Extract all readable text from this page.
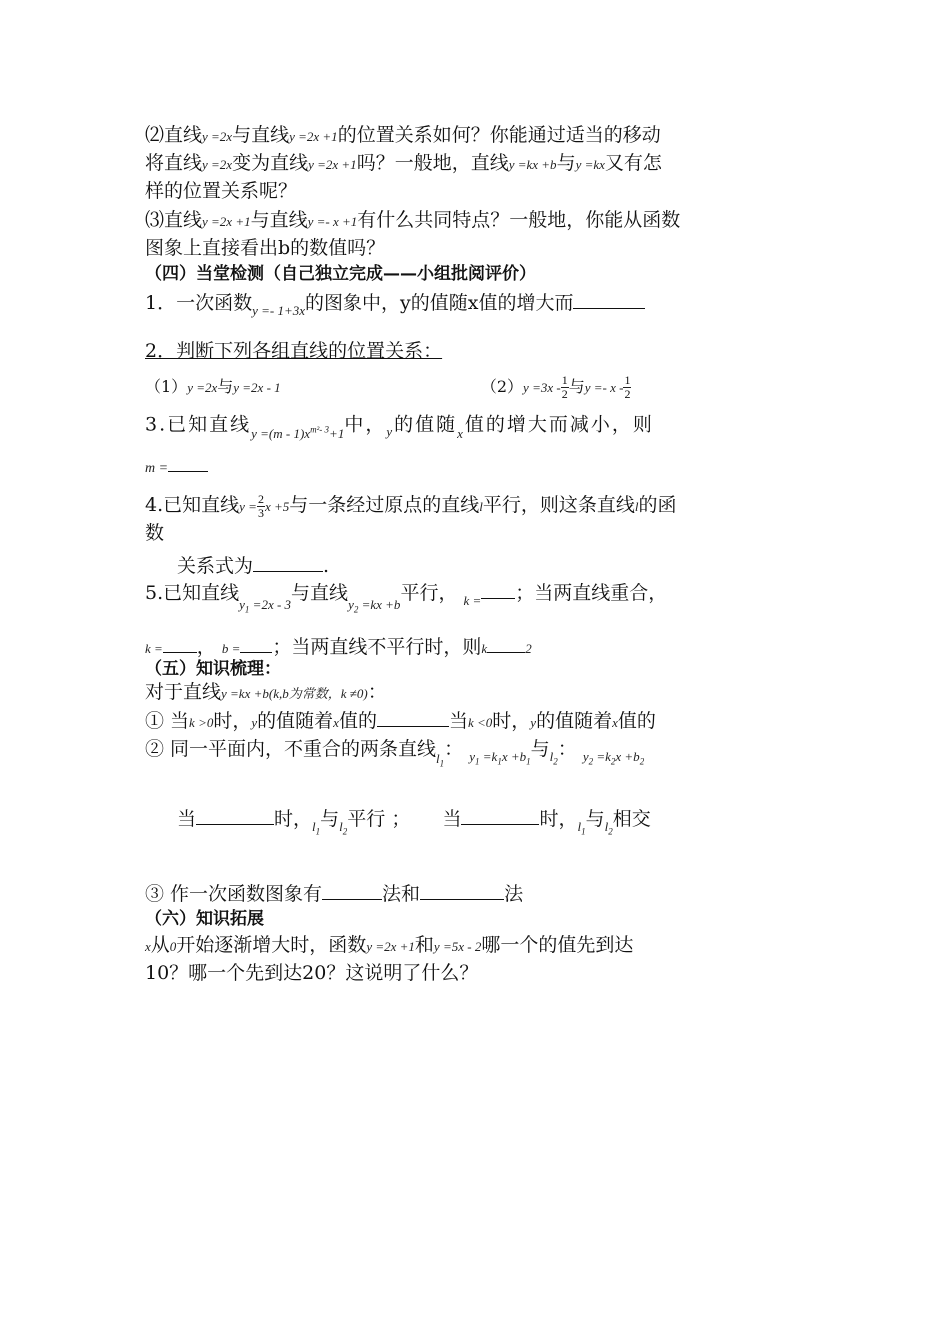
⑵直线y =2x与直线y =2x +1的位置关系如何？你能通过适当的移动
将直线y =2x变为直线y =2x +1吗？一般地，直线y =kx +b与y =kx又有怎
样的位置关系呢？
⑶直线y =2x +1与直线y =- x +1有什么共同特点？一般地，你能从函数
图象上直接看出b的数值吗？
（四）当堂检测（自己独立完成——小组批阅评价）
1．一次函数$_{y =- 1+3x}$的图象中，y的值随x值的增大而
2．判断下列各组直线的位置关系：
（1）y =2x与y =2x - 1	$(2)y =3x - \frac{1}{2}$ 与$y =- x - \frac{1}{2}$
3.已知直线$_{y =(m - 1)x^{m^2- 3}+1}$中，$_y$的值随$_x$值的增大而减小，则
m =
4.已知直线$y = \frac{2}{3}$ x +5与一条经过原点的直线l平行，则这条直线l的函
数
关系式为	.
5.已知直线$_{y_1 =2x - 3}$与直线$_{y_2 =kx +b}$平行， $_{k =}$ ；当两直线重合，
k = ， b = ；当两直线不平行时，则k	2
（五）知识梳理：
对于直线y =kx +b(k,b为常数，k ≠0)：
① 当k >0时，y的值随着x值的	当k <0时，y的值随着x值的
② 同一平面内，不重合的两条直线$_{l_1}$： $_{y_1 =k_1x +b_1}$与$_{l_2}$： $_{y_2 =k_2x +b_2}$
当	时，$_{l_1}$与$_{l_2}$平行 ； 当	时，$_{l_1}$与$_{l_2}$相交
③ 作一次函数图象有	法和	法
（六）知识拓展
x从0开始逐渐增大时，函数y =2x +1和y =5x - 2哪一个的值先到达
10？哪一个先到达20？这说明了什么？
